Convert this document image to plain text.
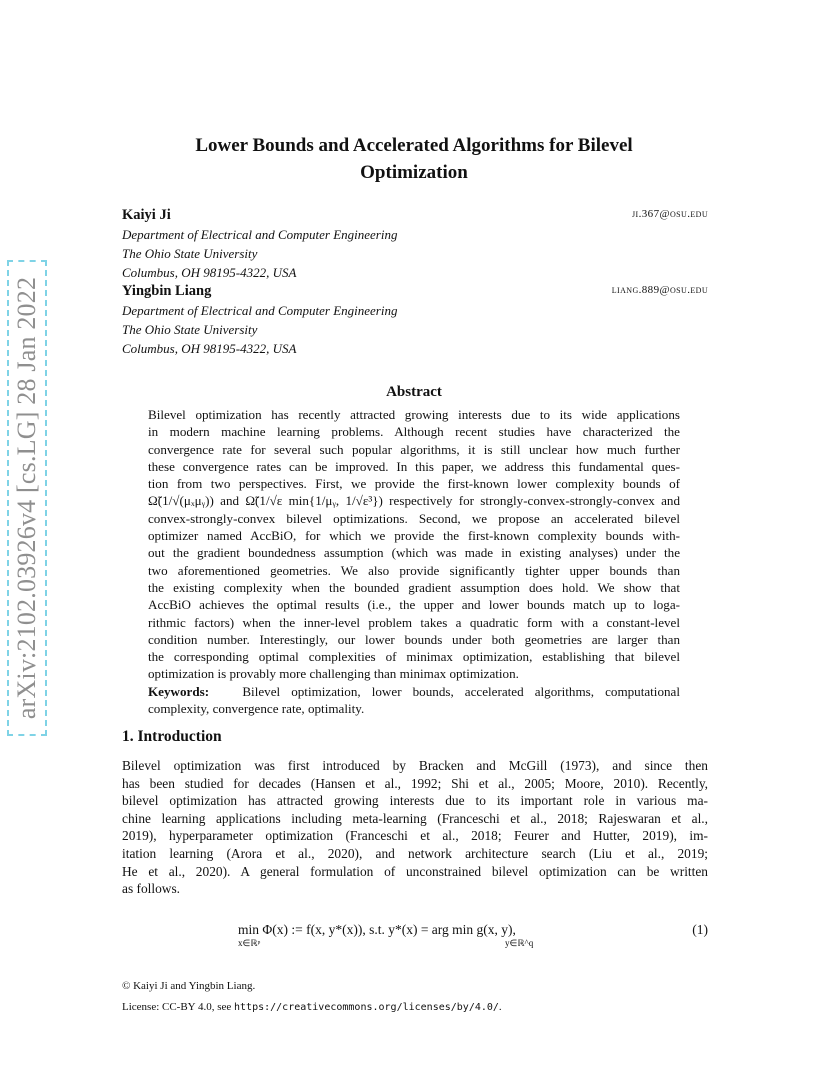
arXiv:2102.03926v4 [cs.LG] 28 Jan 2022
Lower Bounds and Accelerated Algorithms for Bilevel
Optimization
Kaiyi Ji	ji.367@osu.edu
Department of Electrical and Computer Engineering
The Ohio State University
Columbus, OH 98195-4322, USA
Yingbin Liang	liang.889@osu.edu
Department of Electrical and Computer Engineering
The Ohio State University
Columbus, OH 98195-4322, USA
Abstract
Bilevel optimization has recently attracted growing interests due to its wide applications
in modern machine learning problems. Although recent studies have characterized the
convergence rate for several such popular algorithms, it is still unclear how much further
these convergence rates can be improved. In this paper, we address this fundamental ques-
tion from two perspectives. First, we provide the first-known lower complexity bounds of
Ω̃(1/√(μₓμᵧ)) and Ω̃(1/√ε min{1/μᵧ, 1/√ε³}) respectively for strongly-convex-strongly-convex and
convex-strongly-convex bilevel optimizations. Second, we propose an accelerated bilevel
optimizer named AccBiO, for which we provide the first-known complexity bounds with-
out the gradient boundedness assumption (which was made in existing analyses) under the
two aforementioned geometries. We also provide significantly tighter upper bounds than
the existing complexity when the bounded gradient assumption does hold. We show that
AccBiO achieves the optimal results (i.e., the upper and lower bounds match up to loga-
rithmic factors) when the inner-level problem takes a quadratic form with a constant-level
condition number. Interestingly, our lower bounds under both geometries are larger than
the corresponding optimal complexities of minimax optimization, establishing that bilevel
optimization is provably more challenging than minimax optimization.
Keywords:	Bilevel optimization, lower bounds, accelerated algorithms, computational
complexity, convergence rate, optimality.
1. Introduction
Bilevel optimization was first introduced by Bracken and McGill (1973), and since then
has been studied for decades (Hansen et al., 1992; Shi et al., 2005; Moore, 2010). Recently,
bilevel optimization has attracted growing interests due to its important role in various ma-
chine learning applications including meta-learning (Franceschi et al., 2018; Rajeswaran et al.,
2019), hyperparameter optimization (Franceschi et al., 2018; Feurer and Hutter, 2019), im-
itation learning (Arora et al., 2020), and network architecture search (Liu et al., 2019;
He et al., 2020). A general formulation of unconstrained bilevel optimization can be written
as follows.
min Φ(x) := f(x, y*(x)), s.t. y*(x) = arg min g(x, y),
x∈ℝᵖ	y∈ℝ^q
(1)
© Kaiyi Ji and Yingbin Liang.
License: CC-BY 4.0, see https://creativecommons.org/licenses/by/4.0/.
